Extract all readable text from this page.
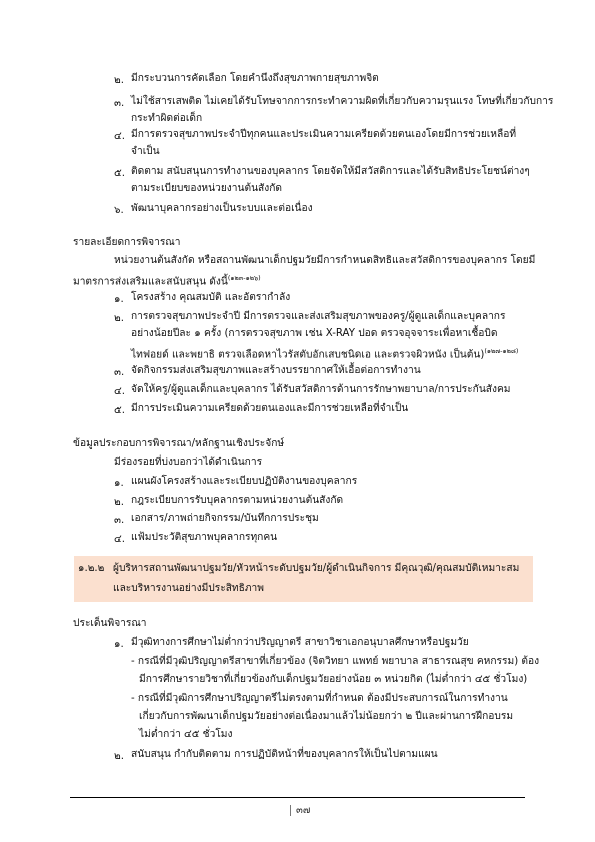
๒. มีกระบวนการคัดเลือก โดยคำนึงถึงสุขภาพกายสุขภาพจิต
๓. ไม่ใช้สารเสพติด ไม่เคยได้รับโทษจากการกระทำความผิดที่เกี่ยวกับความรุนแรง โทษที่เกี่ยวกับการ
กระทำผิดต่อเด็ก
๔. มีการตรวจสุขภาพประจำปีทุกคนและประเมินความเครียดด้วยตนเองโดยมีการช่วยเหลือที่
จำเป็น
๕. ติดตาม สนับสนุนการทำงานของบุคลากร โดยจัดให้มีสวัสดิการและได้รับสิทธิประโยชน์ต่างๆ
ตามระเบียบของหน่วยงานต้นสังกัด
๖. พัฒนาบุคลากรอย่างเป็นระบบและต่อเนื่อง
รายละเอียดการพิจารณา
หน่วยงานต้นสังกัด หรือสถานพัฒนาเด็กปฐมวัยมีการกำหนดสิทธิและสวัสดิการของบุคลากร โดยมี
มาตรการส่งเสริมและสนับสนุน ดังนี้$^{(๑๒๓-๑๒๖)}$
๑. โครงสร้าง คุณสมบัติ และอัตรากำลัง
๒. การตรวจสุขภาพประจำปี มีการตรวจและส่งเสริมสุขภาพของครู/ผู้ดูแลเด็กและบุคลากร
อย่างน้อยปีละ ๑ ครั้ง (การตรวจสุขภาพ เช่น X-RAY ปอด ตรวจอุจจาระเพื่อหาเชื้อบิด
ไทฟอยด์ และพยาธิ ตรวจเลือดหาไวรัสตับอักเสบชนิดเอ และตรวจผิวหนัง เป็นต้น)$^{(๑๒๗-๑๒๘)}$
๓. จัดกิจกรรมส่งเสริมสุขภาพและสร้างบรรยากาศให้เอื้อต่อการทำงาน
๔. จัดให้ครู/ผู้ดูแลเด็กและบุคลากร ได้รับสวัสดิการด้านการรักษาพยาบาล/การประกันสังคม
๕. มีการประเมินความเครียดด้วยตนเองและมีการช่วยเหลือที่จำเป็น
ข้อมูลประกอบการพิจารณา/หลักฐานเชิงประจักษ์
มีร่องรอยที่บ่งบอกว่าได้ดำเนินการ
๑. แผนผังโครงสร้างและระเบียบปฏิบัติงานของบุคลากร
๒. กฎระเบียบการรับบุคลากรตามหน่วยงานต้นสังกัด
๓. เอกสาร/ภาพถ่ายกิจกรรม/บันทึกการประชุม
๔. แฟ้มประวัติสุขภาพบุคลากรทุกคน
๑.๒.๒ ผู้บริหารสถานพัฒนาปฐมวัย/หัวหน้าระดับปฐมวัย/ผู้ดำเนินกิจการ มีคุณวุฒิ/คุณสมบัติเหมาะสม
และบริหารงานอย่างมีประสิทธิภาพ
ประเด็นพิจารณา
๑. มีวุฒิทางการศึกษาไม่ต่ำกว่าปริญญาตรี สาขาวิชาเอกอนุบาลศึกษาหรือปฐมวัย
- กรณีที่มีวุฒิปริญญาตรีสาขาที่เกี่ยวข้อง (จิตวิทยา แพทย์ พยาบาล สาธารณสุข คหกรรม) ต้อง
มีการศึกษารายวิชาที่เกี่ยวข้องกับเด็กปฐมวัยอย่างน้อย ๓ หน่วยกิต (ไม่ต่ำกว่า ๔๕ ชั่วโมง)
- กรณีที่มีวุฒิการศึกษาปริญญาตรีไม่ตรงตามที่กำหนด ต้องมีประสบการณ์ในการทำงาน
เกี่ยวกับการพัฒนาเด็กปฐมวัยอย่างต่อเนื่องมาแล้วไม่น้อยกว่า ๒ ปีและผ่านการฝึกอบรม
ไม่ต่ำกว่า ๔๕ ชั่วโมง
๒. สนับสนุน กำกับติดตาม การปฏิบัติหน้าที่ของบุคลากรให้เป็นไปตามแผน
๓๗
